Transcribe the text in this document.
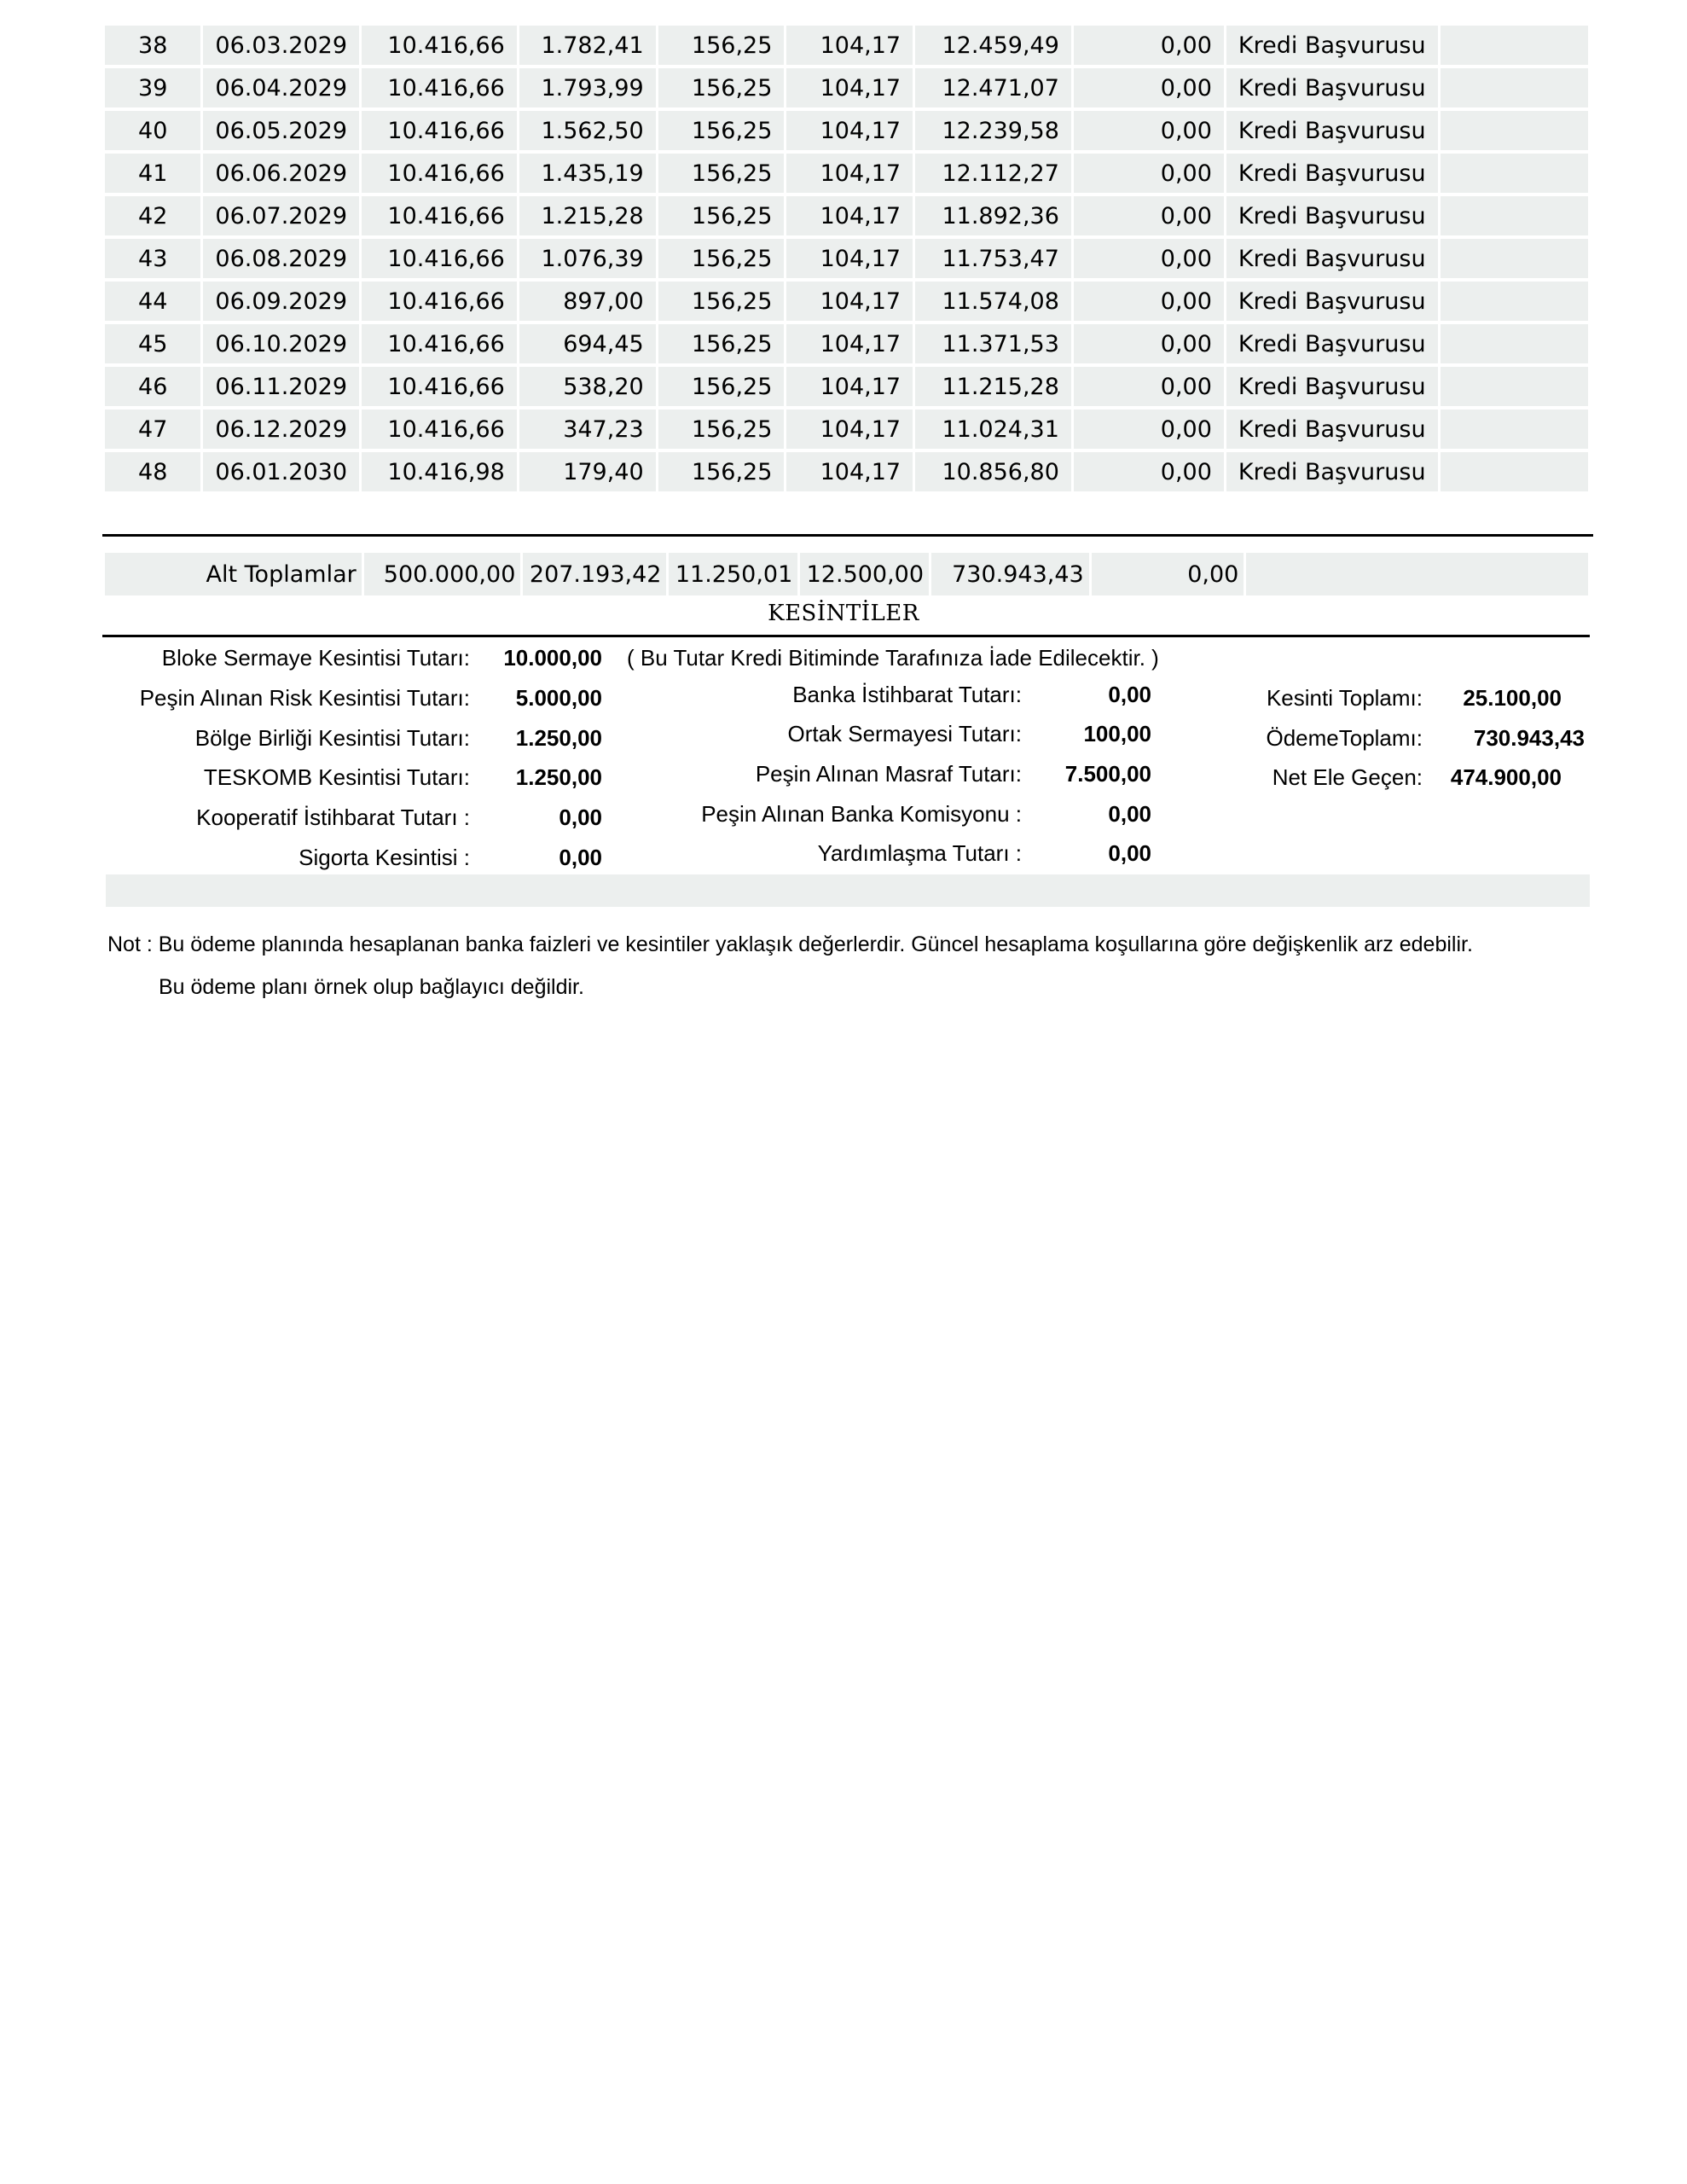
38	06.03.2029	10.416,66	1.782,41	156,25	104,17	12.459,49	0,00	Kredi Başvurusu	
39	06.04.2029	10.416,66	1.793,99	156,25	104,17	12.471,07	0,00	Kredi Başvurusu	
40	06.05.2029	10.416,66	1.562,50	156,25	104,17	12.239,58	0,00	Kredi Başvurusu	
41	06.06.2029	10.416,66	1.435,19	156,25	104,17	12.112,27	0,00	Kredi Başvurusu	
42	06.07.2029	10.416,66	1.215,28	156,25	104,17	11.892,36	0,00	Kredi Başvurusu	
43	06.08.2029	10.416,66	1.076,39	156,25	104,17	11.753,47	0,00	Kredi Başvurusu	
44	06.09.2029	10.416,66	897,00	156,25	104,17	11.574,08	0,00	Kredi Başvurusu	
45	06.10.2029	10.416,66	694,45	156,25	104,17	11.371,53	0,00	Kredi Başvurusu	
46	06.11.2029	10.416,66	538,20	156,25	104,17	11.215,28	0,00	Kredi Başvurusu	
47	06.12.2029	10.416,66	347,23	156,25	104,17	11.024,31	0,00	Kredi Başvurusu	
48	06.01.2030	10.416,98	179,40	156,25	104,17	10.856,80	0,00	Kredi Başvurusu	
Alt Toplamlar	500.000,00	207.193,42	11.250,01	12.500,00	730.943,43	0,00	
KESİNTİLER
Bloke Sermaye Kesintisi Tutarı: 10.000,00
Peşin Alınan Risk Kesintisi Tutarı: 5.000,00
Bölge Birliği Kesintisi Tutarı: 1.250,00
TESKOMB Kesintisi Tutarı: 1.250,00
Kooperatif İstihbarat Tutarı :	0,00
Sigorta Kesintisi :	0,00
( Bu Tutar Kredi Bitiminde Tarafınıza İade Edilecektir. )
Banka İstihbarat Tutarı:	0,00
Ortak Sermayesi Tutarı:	100,00
Peşin Alınan Masraf Tutarı: 7.500,00
Peşin Alınan Banka Komisyonu :	0,00
Yardımlaşma Tutarı :	0,00
Kesinti Toplamı: 25.100,00
ÖdemeToplamı: 730.943,43
Net Ele Geçen: 474.900,00
Not : Bu ödeme planında hesaplanan banka faizleri ve kesintiler yaklaşık değerlerdir. Güncel hesaplama koşullarına göre değişkenlik arz edebilir.
Bu ödeme planı örnek olup bağlayıcı değildir.
